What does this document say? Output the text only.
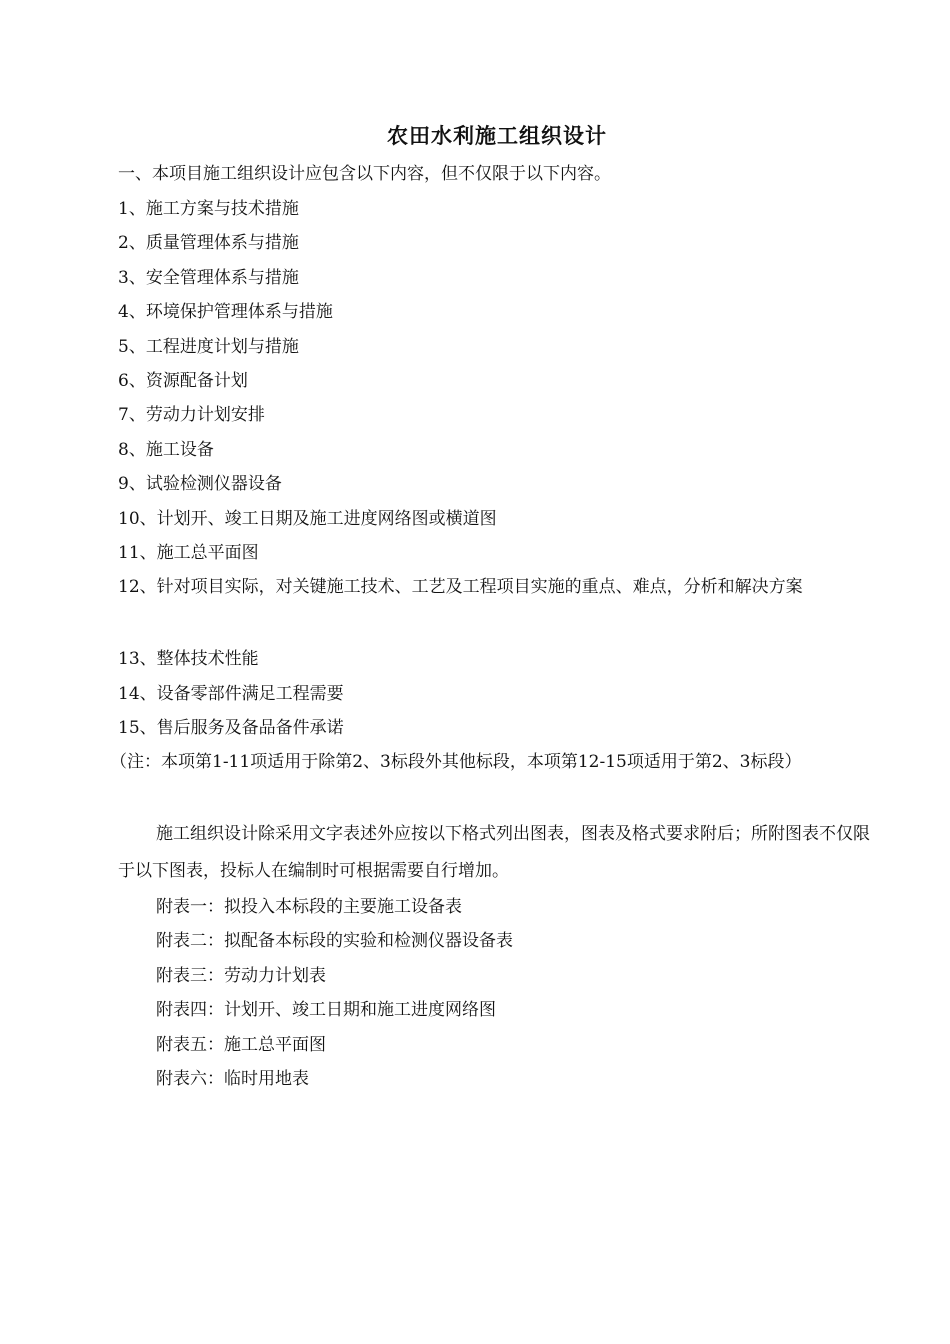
农田水利施工组织设计
一、本项目施工组织设计应包含以下内容，但不仅限于以下内容。
1、施工方案与技术措施
2、质量管理体系与措施
3、安全管理体系与措施
4、环境保护管理体系与措施
5、工程进度计划与措施
6、资源配备计划
7、劳动力计划安排
8、施工设备
9、试验检测仪器设备
10、计划开、竣工日期及施工进度网络图或横道图
11、施工总平面图
12、针对项目实际，对关键施工技术、工艺及工程项目实施的重点、难点，分析和解决方案
13、整体技术性能
14、设备零部件满足工程需要
15、售后服务及备品备件承诺
（注：本项第1-11项适用于除第2、3标段外其他标段，本项第12-15项适用于第2、3标段）
施工组织设计除采用文字表述外应按以下格式列出图表，图表及格式要求附后；所附图表不仅限于以下图表，投标人在编制时可根据需要自行增加。
附表一：拟投入本标段的主要施工设备表
附表二：拟配备本标段的实验和检测仪器设备表
附表三：劳动力计划表
附表四：计划开、竣工日期和施工进度网络图
附表五：施工总平面图
附表六：临时用地表
